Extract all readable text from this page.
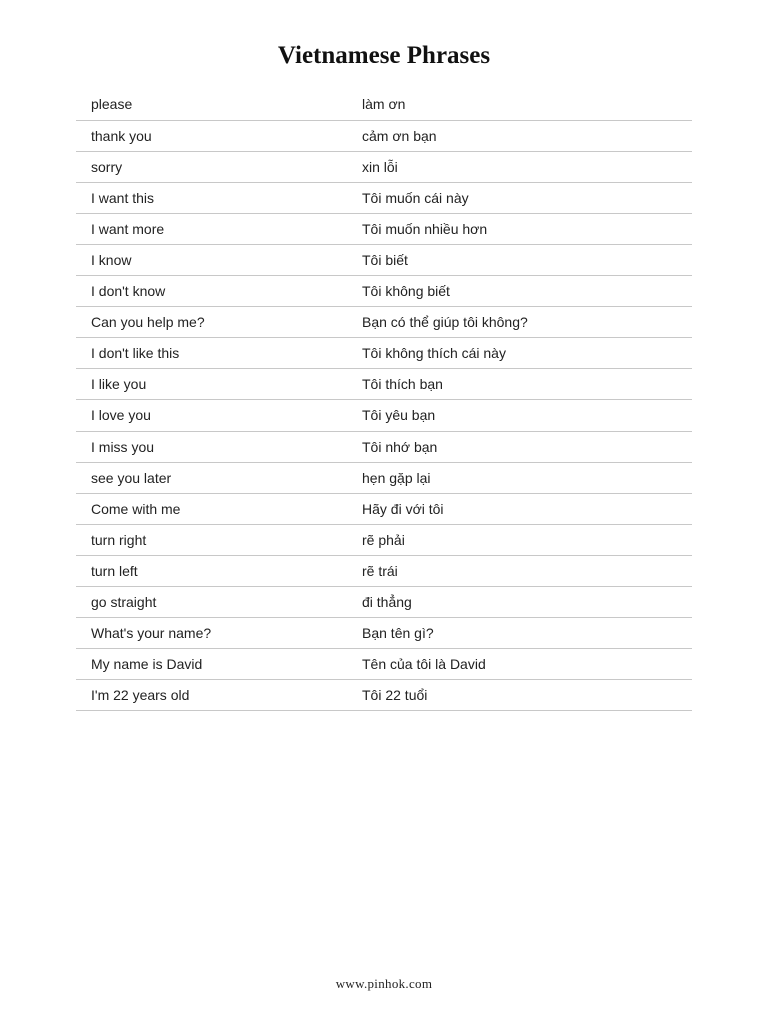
Vietnamese Phrases
please	làm ơn
thank you	cảm ơn bạn
sorry	xin lỗi
I want this	Tôi muốn cái này
I want more	Tôi muốn nhiều hơn
I know	Tôi biết
I don't know	Tôi không biết
Can you help me?	Bạn có thể giúp tôi không?
I don't like this	Tôi không thích cái này
I like you	Tôi thích bạn
I love you	Tôi yêu bạn
I miss you	Tôi nhớ bạn
see you later	hẹn gặp lại
Come with me	Hãy đi với tôi
turn right	rẽ phải
turn left	rẽ trái
go straight	đi thẳng
What's your name?	Bạn tên gì?
My name is David	Tên của tôi là David
I'm 22 years old	Tôi 22 tuổi
www.pinhok.com
